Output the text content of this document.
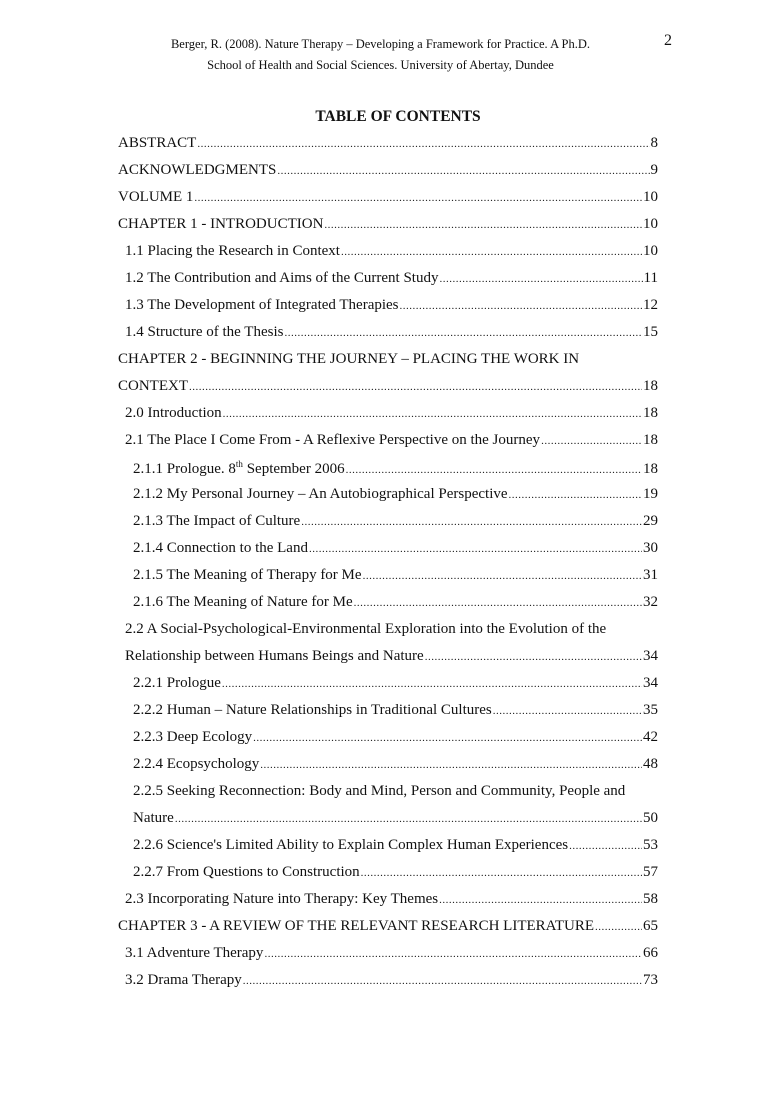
Berger, R. (2008). Nature Therapy – Developing a Framework for Practice. A Ph.D.
School of Health and Social Sciences. University of Abertay, Dundee
2
TABLE OF CONTENTS
ABSTRACT .....	8
ACKNOWLEDGMENTS .....	9
VOLUME 1 .....	10
CHAPTER 1 - INTRODUCTION .....	10
1.1 Placing the Research in Context .....	10
1.2 The Contribution and Aims of the Current Study .....	11
1.3 The Development of Integrated Therapies .....	12
1.4 Structure of the Thesis .....	15
CHAPTER 2 - BEGINNING THE JOURNEY – PLACING THE WORK IN
CONTEXT .....	18
2.0 Introduction .....	18
2.1 The Place I Come From - A Reflexive Perspective on the Journey .....	18
2.1.1 Prologue. 8th September 2006 .....	18
2.1.2 My Personal Journey – An Autobiographical Perspective .....	19
2.1.3 The Impact of Culture .....	29
2.1.4 Connection to the Land .....	30
2.1.5 The Meaning of Therapy for Me .....	31
2.1.6 The Meaning of Nature for Me .....	32
2.2 A Social-Psychological-Environmental Exploration into the Evolution of the
Relationship between Humans Beings and Nature .....	34
2.2.1 Prologue .....	34
2.2.2 Human – Nature Relationships in Traditional Cultures .....	35
2.2.3 Deep Ecology .....	42
2.2.4 Ecopsychology .....	48
2.2.5 Seeking Reconnection: Body and Mind, Person and Community, People and
Nature .....	50
2.2.6 Science's Limited Ability to Explain Complex Human Experiences .....	53
2.2.7 From Questions to Construction .....	57
2.3 Incorporating Nature into Therapy: Key Themes .....	58
CHAPTER 3 - A REVIEW OF THE RELEVANT RESEARCH LITERATURE .....	65
3.1 Adventure Therapy .....	66
3.2 Drama Therapy .....	73
